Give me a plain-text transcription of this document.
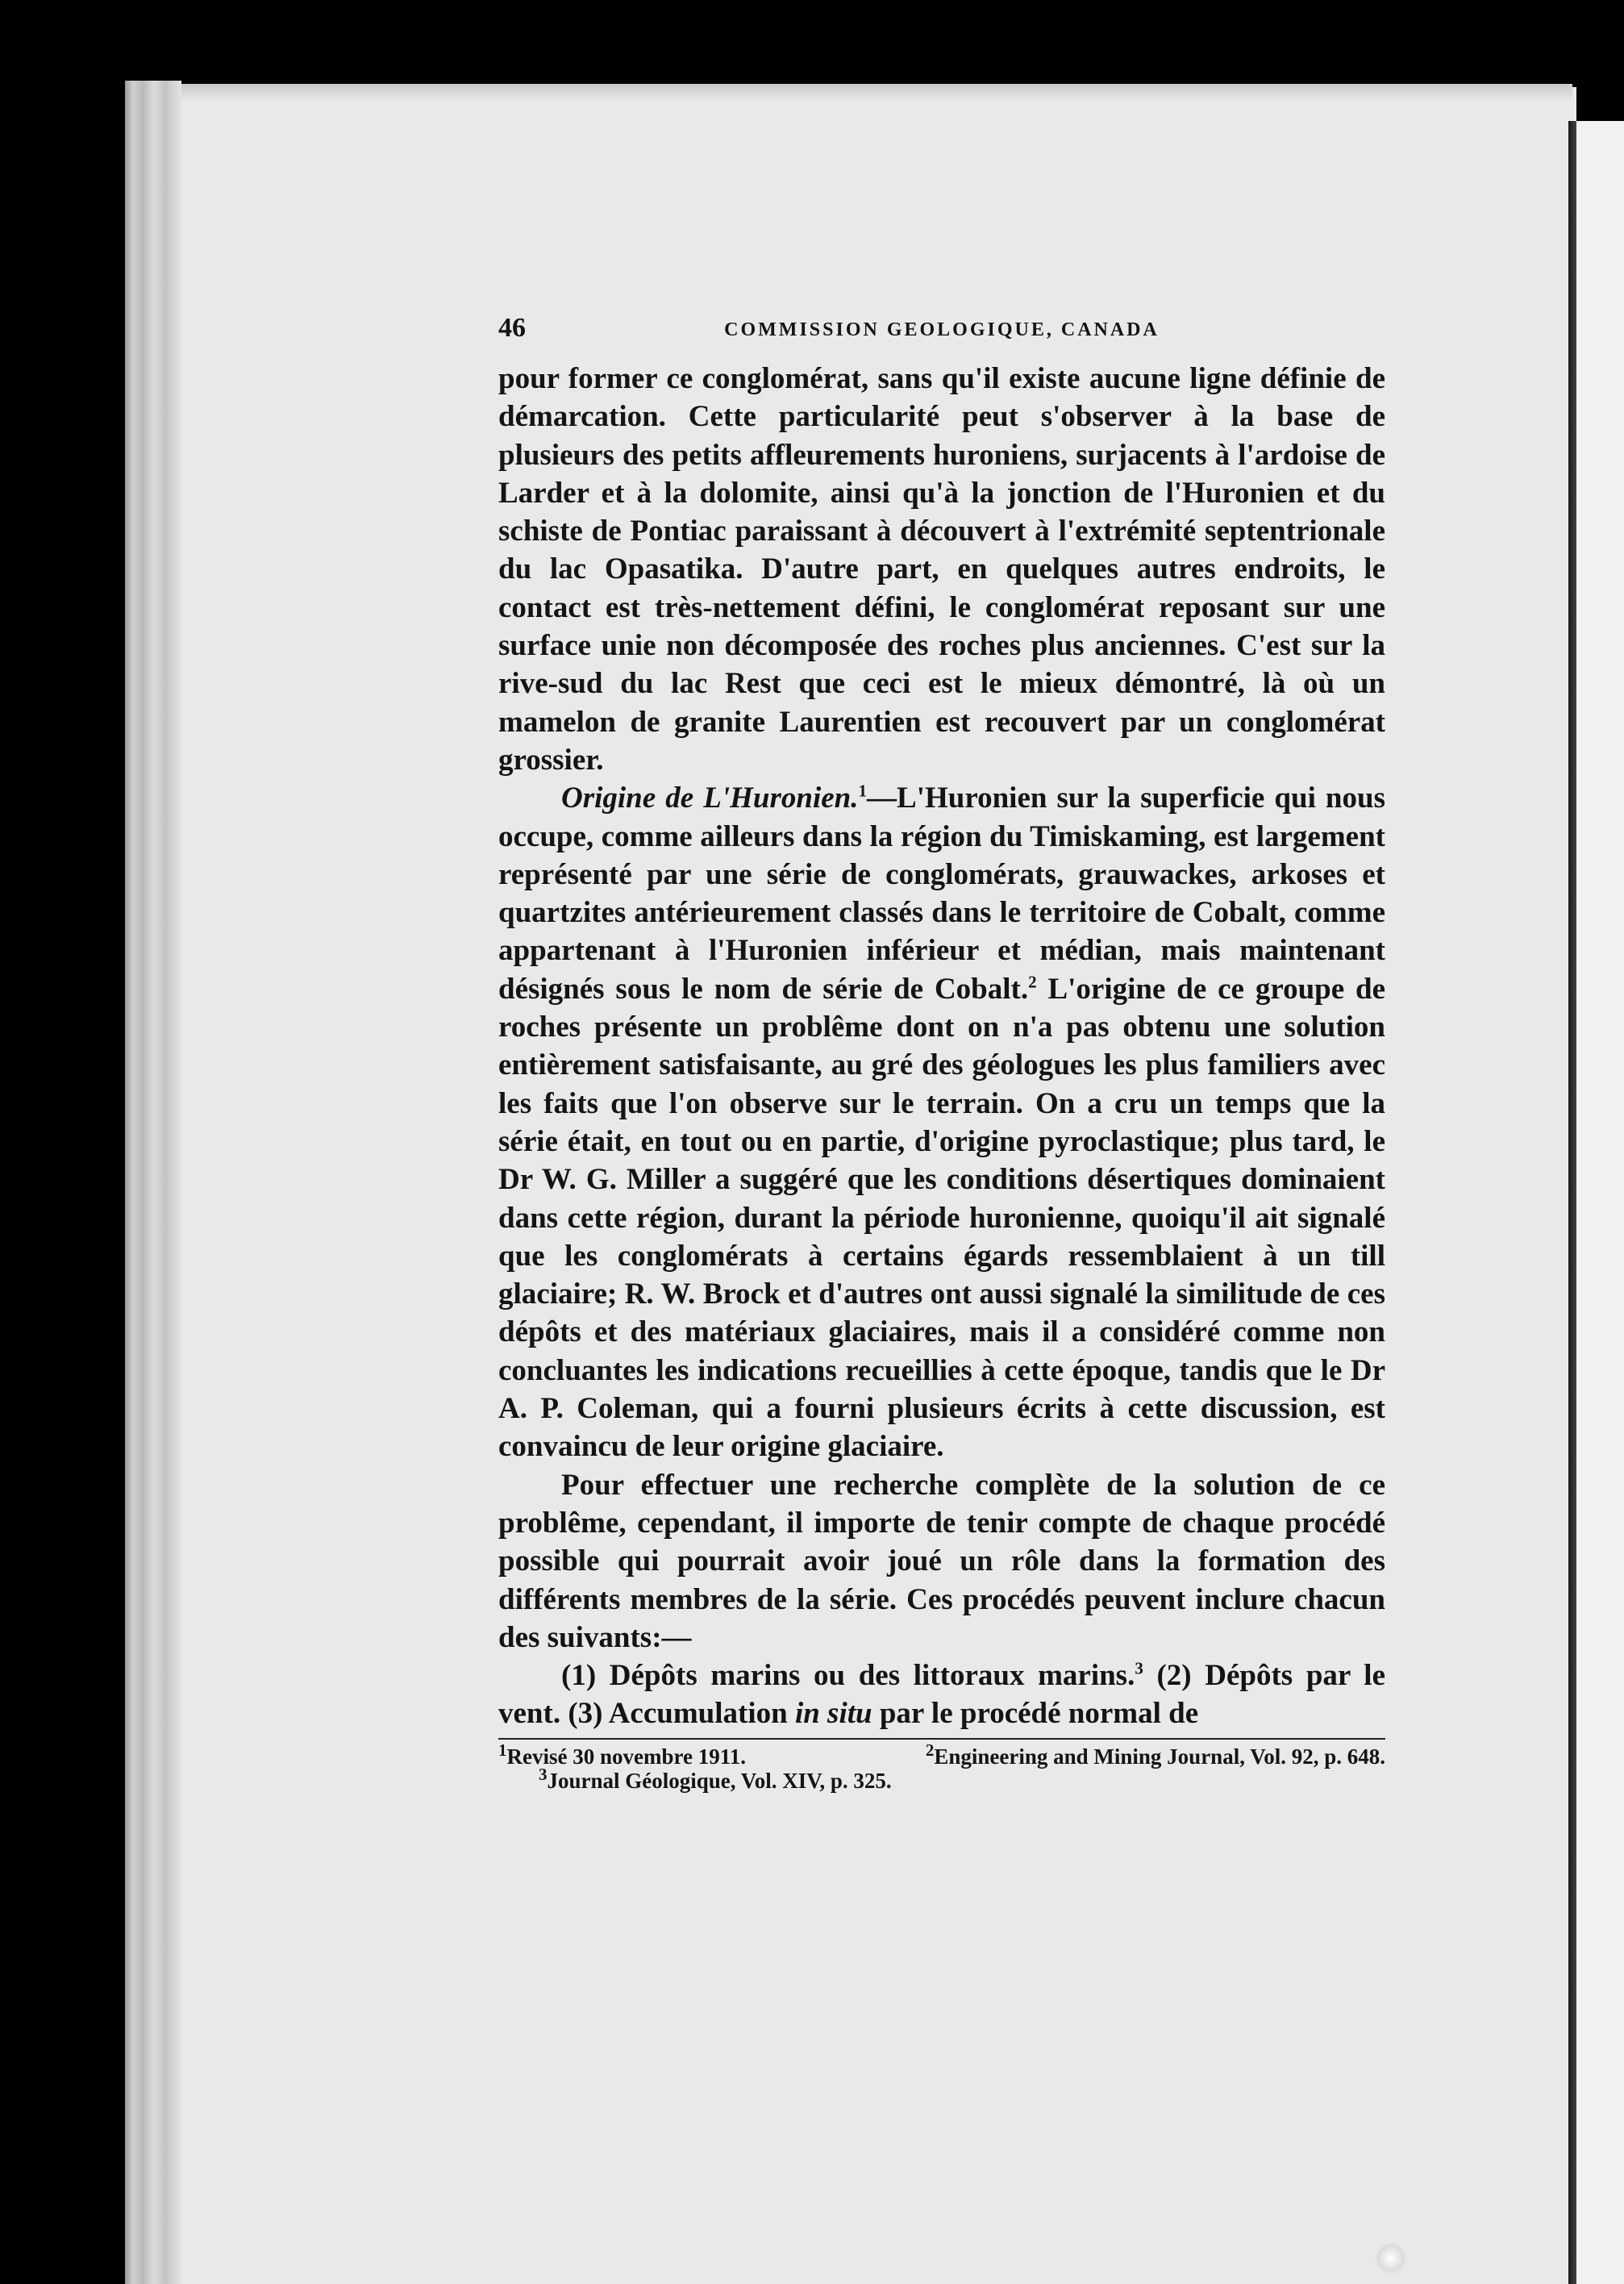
46	COMMISSION GEOLOGIQUE, CANADA

pour former ce conglomérat, sans qu'il existe aucune ligne définie de démarcation. Cette particularité peut s'observer à la base de plusieurs des petits affleurements huroniens, surjacents à l'ardoise de Larder et à la dolomite, ainsi qu'à la jonction de l'Huronien et du schiste de Pontiac paraissant à découvert à l'extrémité septentrionale du lac Opasatika. D'autre part, en quelques autres endroits, le contact est très-nettement défini, le conglomérat reposant sur une surface unie non décomposée des roches plus anciennes. C'est sur la rive-sud du lac Rest que ceci est le mieux démontré, là où un mamelon de granite Laurentien est recouvert par un conglomérat grossier.

Origine de L'Huronien.$^1$—L'Huronien sur la superficie qui nous occupe, comme ailleurs dans la région du Timiskaming, est largement représenté par une série de conglomérats, grauwackes, arkoses et quartzites antérieurement classés dans le territoire de Cobalt, comme appartenant à l'Huronien inférieur et médian, mais maintenant désignés sous le nom de série de Cobalt.$^2$ L'origine de ce groupe de roches présente un problême dont on n'a pas obtenu une solution entièrement satisfaisante, au gré des géologues les plus familiers avec les faits que l'on observe sur le terrain. On a cru un temps que la série était, en tout ou en partie, d'origine pyroclastique; plus tard, le Dr W. G. Miller a suggéré que les conditions désertiques dominaient dans cette région, durant la période huronienne, quoiqu'il ait signalé que les conglomérats à certains égards ressemblaient à un till glaciaire; R. W. Brock et d'autres ont aussi signalé la similitude de ces dépôts et des matériaux glaciaires, mais il a considéré comme non concluantes les indications recueillies à cette époque, tandis que le Dr A. P. Coleman, qui a fourni plusieurs écrits à cette discussion, est convaincu de leur origine glaciaire.

Pour effectuer une recherche complète de la solution de ce problême, cependant, il importe de tenir compte de chaque procédé possible qui pourrait avoir joué un rôle dans la formation des différents membres de la série. Ces procédés peuvent inclure chacun des suivants:—

(1) Dépôts marins ou des littoraux marins.$^3$ (2) Dépôts par le vent. (3) Accumulation in situ par le procédé normal de

$^1$Revisé 30 novembre 1911.	$^2$Engineering and Mining Journal, Vol. 92, p. 648.
$^3$Journal Géologique, Vol. XIV, p. 325.
